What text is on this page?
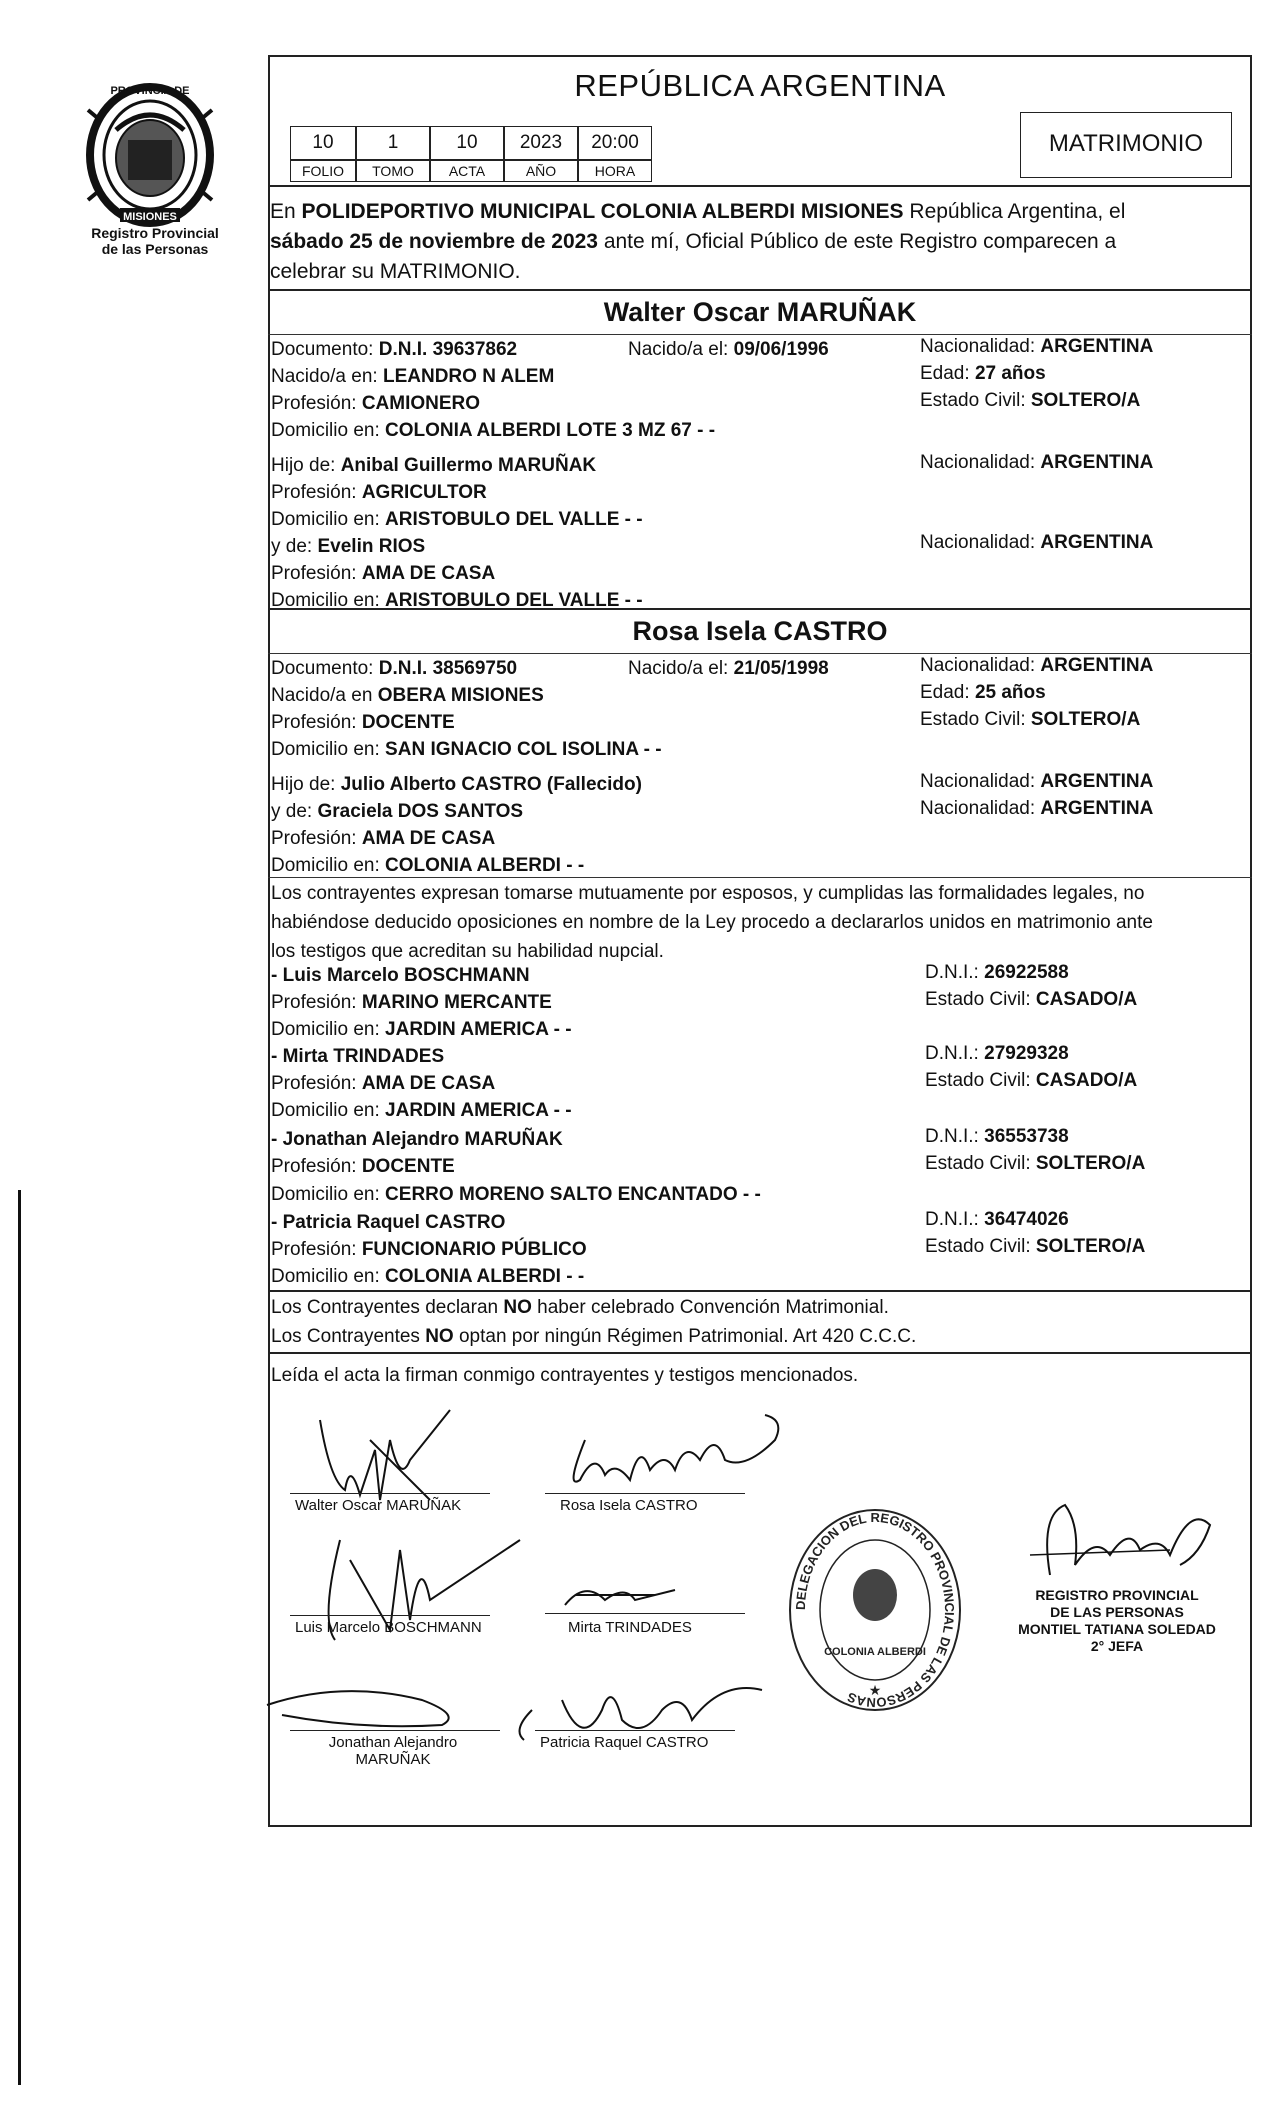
PROVINCIA DE
MISIONES
Registro Provincial
de las Personas
REPÚBLICA ARGENTINA
10	1	10	2023	20:00
FOLIO	TOMO	ACTA	AÑO	HORA
MATRIMONIO
En POLIDEPORTIVO MUNICIPAL COLONIA ALBERDI MISIONES República Argentina, el
sábado 25 de noviembre de 2023 ante mí, Oficial Público de este Registro comparecen a
celebrar su MATRIMONIO.
Walter Oscar MARUÑAK
Documento: D.N.I. 39637862	Nacido/a el: 09/06/1996	Nacionalidad: ARGENTINA
Nacido/a en: LEANDRO N ALEM	Edad: 27 años
Profesión: CAMIONERO	Estado Civil: SOLTERO/A
Domicilio en: COLONIA ALBERDI LOTE 3 MZ 67 - -
Hijo de: Anibal Guillermo MARUÑAK	Nacionalidad: ARGENTINA
Profesión: AGRICULTOR
Domicilio en: ARISTOBULO DEL VALLE - -
y de: Evelin RIOS	Nacionalidad: ARGENTINA
Profesión: AMA DE CASA
Domicilio en: ARISTOBULO DEL VALLE - -
Rosa Isela CASTRO
Documento: D.N.I. 38569750	Nacido/a el: 21/05/1998	Nacionalidad: ARGENTINA
Nacido/a en OBERA MISIONES	Edad: 25 años
Profesión: DOCENTE	Estado Civil: SOLTERO/A
Domicilio en: SAN IGNACIO COL ISOLINA - -
Hijo de: Julio Alberto CASTRO (Fallecido)	Nacionalidad: ARGENTINA
y de: Graciela DOS SANTOS	Nacionalidad: ARGENTINA
Profesión: AMA DE CASA
Domicilio en: COLONIA ALBERDI - -
Los contrayentes expresan tomarse mutuamente por esposos, y cumplidas las formalidades legales, no
habiéndose deducido oposiciones en nombre de la Ley procedo a declararlos unidos en matrimonio ante
los testigos que acreditan su habilidad nupcial.
- Luis Marcelo BOSCHMANN	D.N.I.: 26922588
Profesión: MARINO MERCANTE	Estado Civil: CASADO/A
Domicilio en: JARDIN AMERICA - -
- Mirta TRINDADES	D.N.I.: 27929328
Profesión: AMA DE CASA	Estado Civil: CASADO/A
Domicilio en: JARDIN AMERICA - -
- Jonathan Alejandro MARUÑAK	D.N.I.: 36553738
Profesión: DOCENTE	Estado Civil: SOLTERO/A
Domicilio en: CERRO MORENO SALTO ENCANTADO - -
- Patricia Raquel CASTRO	D.N.I.: 36474026
Profesión: FUNCIONARIO PÚBLICO	Estado Civil: SOLTERO/A
Domicilio en: COLONIA ALBERDI - -
Los Contrayentes declaran NO haber celebrado Convención Matrimonial.
Los Contrayentes NO optan por ningún Régimen Patrimonial. Art 420 C.C.C.
Leída el acta la firman conmigo contrayentes y testigos mencionados.
Walter Oscar MARUÑAK	Rosa Isela CASTRO
Luis Marcelo BOSCHMANN	Mirta TRINDADES
Jonathan Alejandro
MARUÑAK
Patricia Raquel CASTRO
DELEGACION DEL REGISTRO PROVINCIAL DE LAS PERSONAS
COLONIA ALBERDI
★
REGISTRO PROVINCIAL
DE LAS PERSONAS
MONTIEL TATIANA SOLEDAD
2° JEFA
